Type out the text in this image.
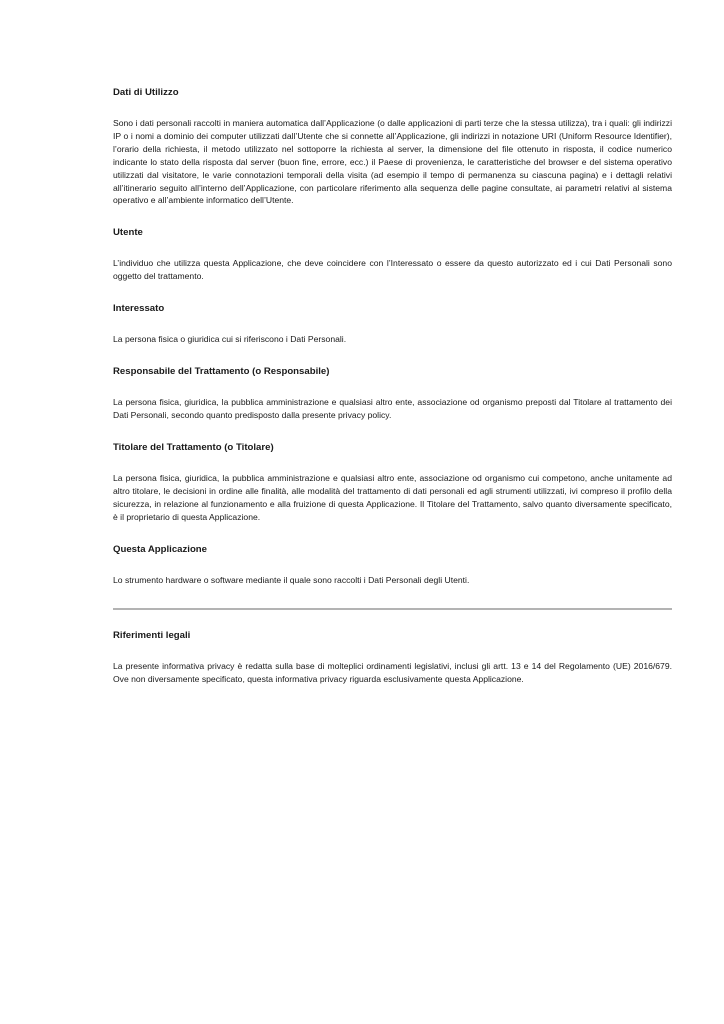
Dati di Utilizzo

Sono i dati personali raccolti in maniera automatica dall’Applicazione (o dalle applicazioni di parti terze che la stessa utilizza), tra i quali: gli indirizzi IP o i nomi a dominio dei computer utilizzati dall’Utente che si connette all’Applicazione, gli indirizzi in notazione URI (Uniform Resource Identifier), l’orario della richiesta, il metodo utilizzato nel sottoporre la richiesta al server, la dimensione del file ottenuto in risposta, il codice numerico indicante lo stato della risposta dal server (buon fine, errore, ecc.) il Paese di provenienza, le caratteristiche del browser e del sistema operativo utilizzati dal visitatore, le varie connotazioni temporali della visita (ad esempio il tempo di permanenza su ciascuna pagina) e i dettagli relativi all’itinerario seguito all’interno dell’Applicazione, con particolare riferimento alla sequenza delle pagine consultate, ai parametri relativi al sistema operativo e all’ambiente informatico dell’Utente.

Utente

L’individuo che utilizza questa Applicazione, che deve coincidere con l’Interessato o essere da questo autorizzato ed i cui Dati Personali sono oggetto del trattamento.

Interessato

La persona fisica o giuridica cui si riferiscono i Dati Personali.

Responsabile del Trattamento (o Responsabile)

La persona fisica, giuridica, la pubblica amministrazione e qualsiasi altro ente, associazione od organismo preposti dal Titolare al trattamento dei Dati Personali, secondo quanto predisposto dalla presente privacy policy.

Titolare del Trattamento (o Titolare)

La persona fisica, giuridica, la pubblica amministrazione e qualsiasi altro ente, associazione od organismo cui competono, anche unitamente ad altro titolare, le decisioni in ordine alle finalità, alle modalità del trattamento di dati personali ed agli strumenti utilizzati, ivi compreso il profilo della sicurezza, in relazione al funzionamento e alla fruizione di questa Applicazione. Il Titolare del Trattamento, salvo quanto diversamente specificato, è il proprietario di questa Applicazione.

Questa Applicazione

Lo strumento hardware o software mediante il quale sono raccolti i Dati Personali degli Utenti.

Riferimenti legali

La presente informativa privacy è redatta sulla base di molteplici ordinamenti legislativi, inclusi gli artt. 13 e 14 del Regolamento (UE) 2016/679. Ove non diversamente specificato, questa informativa privacy riguarda esclusivamente questa Applicazione.
